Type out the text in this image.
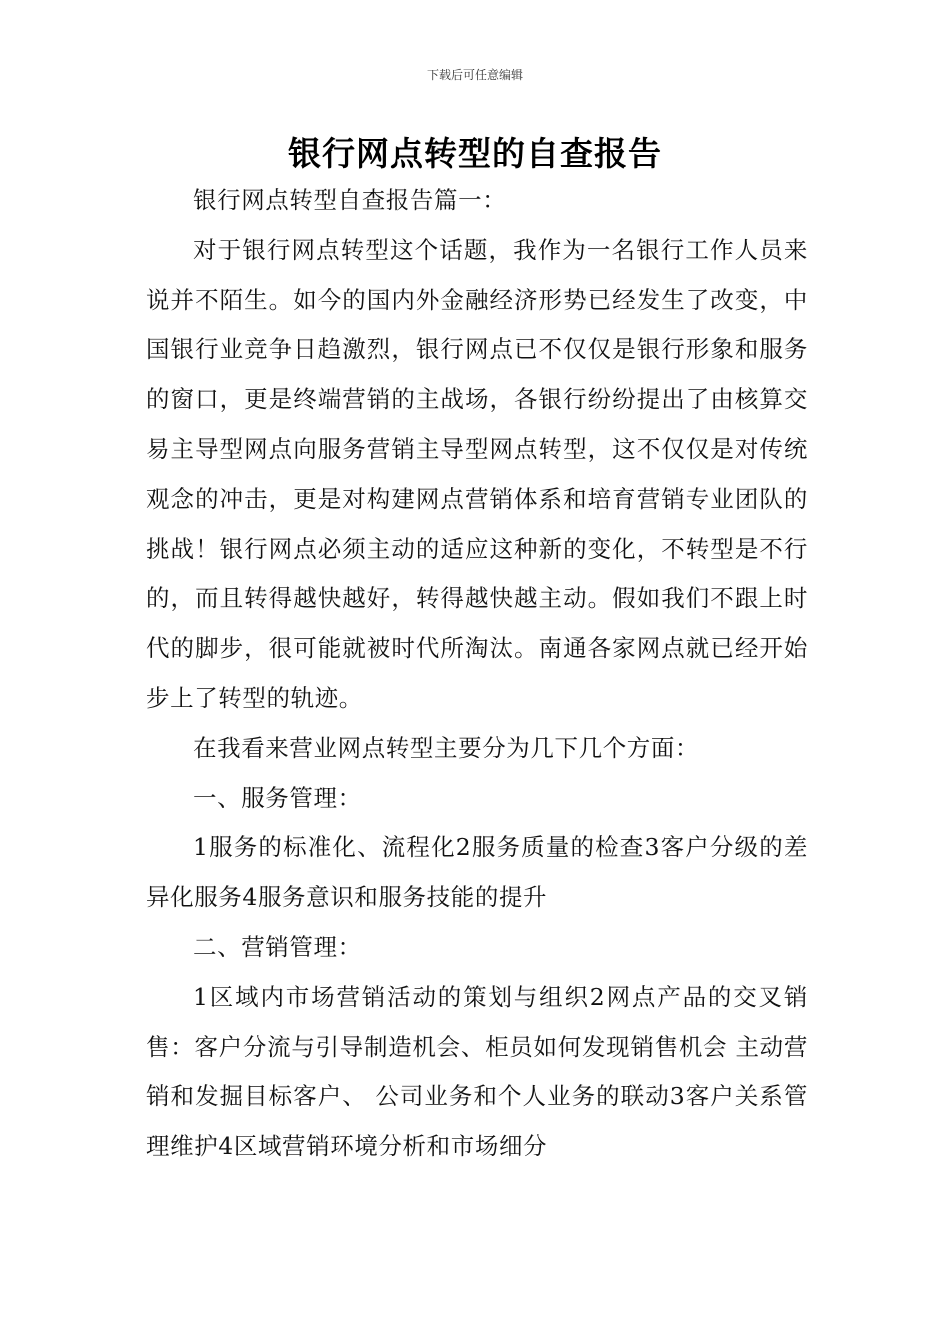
下载后可任意编辑
银行网点转型的自查报告

银行网点转型自查报告篇一：

对于银行网点转型这个话题，我作为一名银行工作人员来说并不陌生。如今的国内外金融经济形势已经发生了改变，中国银行业竞争日趋激烈，银行网点已不仅仅是银行形象和服务的窗口，更是终端营销的主战场，各银行纷纷提出了由核算交易主导型网点向服务营销主导型网点转型，这不仅仅是对传统观念的冲击，更是对构建网点营销体系和培育营销专业团队的挑战！银行网点必须主动的适应这种新的变化，不转型是不行的，而且转得越快越好，转得越快越主动。假如我们不跟上时代的脚步，很可能就被时代所淘汰。南通各家网点就已经开始步上了转型的轨迹。

在我看来营业网点转型主要分为几下几个方面：

一、服务管理：

1服务的标准化、流程化2服务质量的检查3客户分级的差异化服务4服务意识和服务技能的提升

二、营销管理：

1区域内市场营销活动的策划与组织2网点产品的交叉销售：客户分流与引导制造机会、柜员如何发现销售机会 主动营销和发掘目标客户、 公司业务和个人业务的联动3客户关系管理维护4区域营销环境分析和市场细分
